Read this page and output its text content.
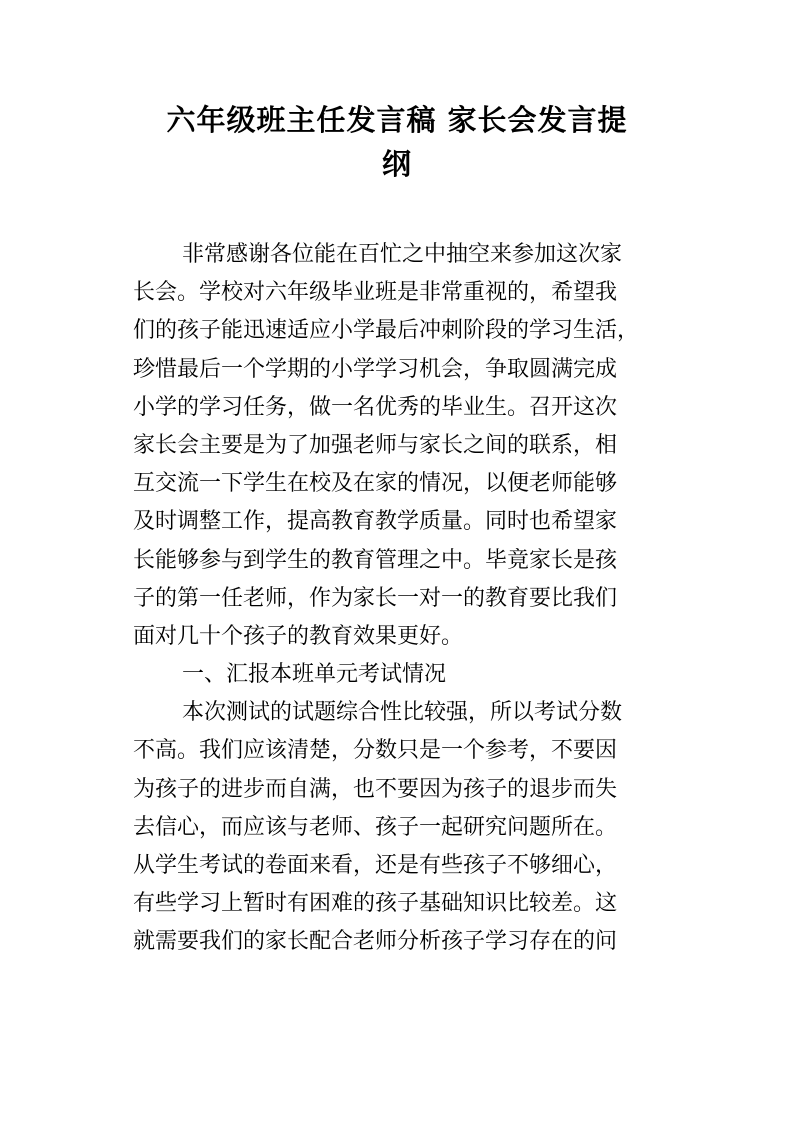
六年级班主任发言稿 家长会发言提
纲
非常感谢各位能在百忙之中抽空来参加这次家
长会。学校对六年级毕业班是非常重视的，希望我
们的孩子能迅速适应小学最后冲刺阶段的学习生活，
珍惜最后一个学期的小学学习机会，争取圆满完成
小学的学习任务，做一名优秀的毕业生。召开这次
家长会主要是为了加强老师与家长之间的联系，相
互交流一下学生在校及在家的情况，以便老师能够
及时调整工作，提高教育教学质量。同时也希望家
长能够参与到学生的教育管理之中。毕竟家长是孩
子的第一任老师，作为家长一对一的教育要比我们
面对几十个孩子的教育效果更好。
一、汇报本班单元考试情况
本次测试的试题综合性比较强，所以考试分数
不高。我们应该清楚，分数只是一个参考，不要因
为孩子的进步而自满，也不要因为孩子的退步而失
去信心，而应该与老师、孩子一起研究问题所在。
从学生考试的卷面来看，还是有些孩子不够细心，
有些学习上暂时有困难的孩子基础知识比较差。这
就需要我们的家长配合老师分析孩子学习存在的问
